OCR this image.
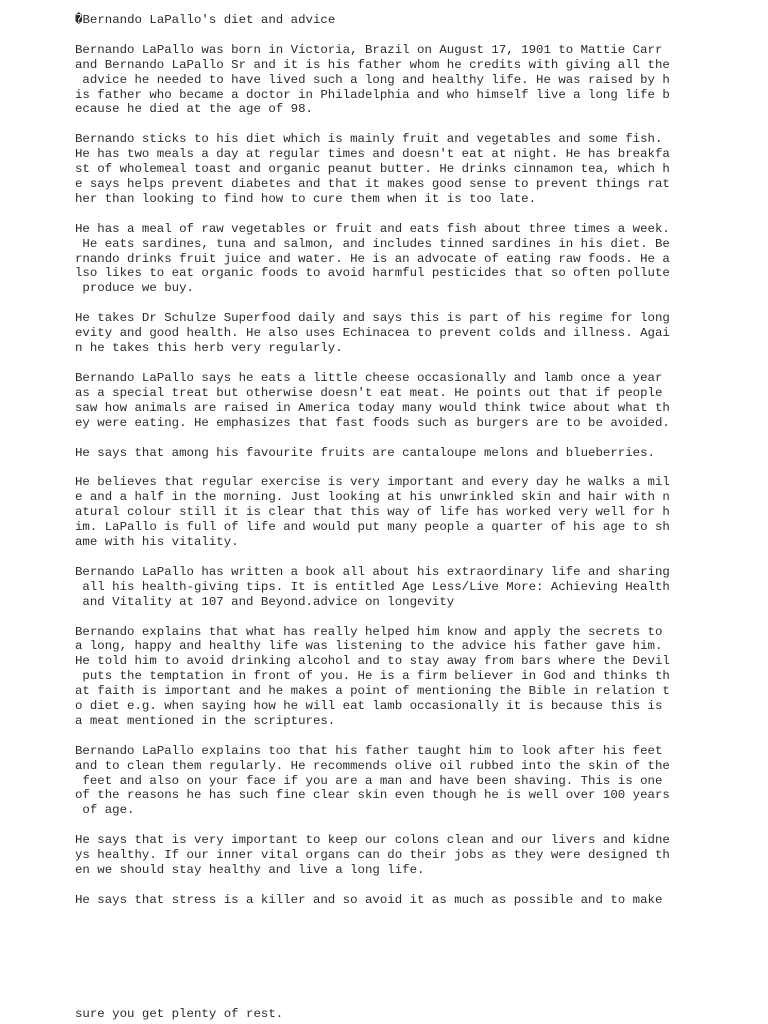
�Bernando LaPallo's diet and advice
Bernando LaPallo was born in Victoria, Brazil on August 17, 1901 to Mattie Carr
and Bernando LaPallo Sr and it is his father whom he credits with giving all the
advice he needed to have lived such a long and healthy life. He was raised by h
is father who became a doctor in Philadelphia and who himself live a long life b
ecause he died at the age of 98.
Bernando sticks to his diet which is mainly fruit and vegetables and some fish.
He has two meals a day at regular times and doesn't eat at night. He has breakfa
st of wholemeal toast and organic peanut butter. He drinks cinnamon tea, which h
e says helps prevent diabetes and that it makes good sense to prevent things rat
her than looking to find how to cure them when it is too late.
He has a meal of raw vegetables or fruit and eats fish about three times a week.
He eats sardines, tuna and salmon, and includes tinned sardines in his diet. Be
rnando drinks fruit juice and water. He is an advocate of eating raw foods. He a
lso likes to eat organic foods to avoid harmful pesticides that so often pollute
produce we buy.
He takes Dr Schulze Superfood daily and says this is part of his regime for long
evity and good health. He also uses Echinacea to prevent colds and illness. Agai
n he takes this herb very regularly.
Bernando LaPallo says he eats a little cheese occasionally and lamb once a year
as a special treat but otherwise doesn't eat meat. He points out that if people
saw how animals are raised in America today many would think twice about what th
ey were eating. He emphasizes that fast foods such as burgers are to be avoided.
He says that among his favourite fruits are cantaloupe melons and blueberries.
He believes that regular exercise is very important and every day he walks a mil
e and a half in the morning. Just looking at his unwrinkled skin and hair with n
atural colour still it is clear that this way of life has worked very well for h
im. LaPallo is full of life and would put many people a quarter of his age to sh
ame with his vitality.
Bernando LaPallo has written a book all about his extraordinary life and sharing
all his health-giving tips. It is entitled Age Less/Live More: Achieving Health
and Vitality at 107 and Beyond.advice on longevity
Bernando explains that what has really helped him know and apply the secrets to
a long, happy and healthy life was listening to the advice his father gave him.
He told him to avoid drinking alcohol and to stay away from bars where the Devil
puts the temptation in front of you. He is a firm believer in God and thinks th
at faith is important and he makes a point of mentioning the Bible in relation t
o diet e.g. when saying how he will eat lamb occasionally it is because this is
a meat mentioned in the scriptures.
Bernando LaPallo explains too that his father taught him to look after his feet
and to clean them regularly. He recommends olive oil rubbed into the skin of the
feet and also on your face if you are a man and have been shaving. This is one
of the reasons he has such fine clear skin even though he is well over 100 years
of age.
He says that is very important to keep our colons clean and our livers and kidne
ys healthy. If our inner vital organs can do their jobs as they were designed th
en we should stay healthy and live a long life.
He says that stress is a killer and so avoid it as much as possible and to make
sure you get plenty of rest.
